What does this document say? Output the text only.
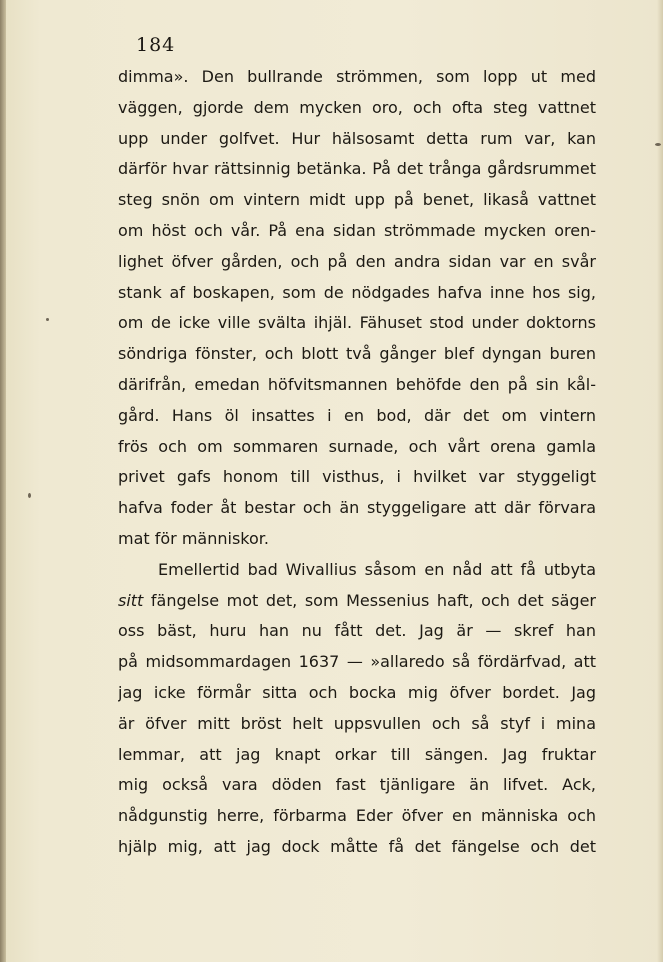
184
dimma». Den bullrande strömmen, som lopp ut med
väggen, gjorde dem mycken oro, och ofta steg vattnet
upp under golfvet. Hur hälsosamt detta rum var, kan
därför hvar rättsinnig betänka. På det trånga gårdsrummet
steg snön om vintern midt upp på benet, likaså vattnet
om höst och vår. På ena sidan strömmade mycken oren-
lighet öfver gården, och på den andra sidan var en svår
stank af boskapen, som de nödgades hafva inne hos sig,
om de icke ville svälta ihjäl. Fähuset stod under doktorns
söndriga fönster, och blott två gånger blef dyngan buren
därifrån, emedan höfvitsmannen behöfde den på sin kål-
gård. Hans öl insattes i en bod, där det om vintern
frös och om sommaren surnade, och vårt orena gamla
privet gafs honom till visthus, i hvilket var styggeligt
hafva foder åt bestar och än styggeligare att där förvara
mat för människor.
Emellertid bad Wivallius såsom en nåd att få utbyta
sitt fängelse mot det, som Messenius haft, och det säger
oss bäst, huru han nu fått det. Jag är — skref han
på midsommardagen 1637 — »allaredo så fördärfvad, att
jag icke förmår sitta och bocka mig öfver bordet. Jag
är öfver mitt bröst helt uppsvullen och så styf i mina
lemmar, att jag knapt orkar till sängen. Jag fruktar
mig också vara döden fast tjänligare än lifvet. Ack,
nådgunstig herre, förbarma Eder öfver en människa och
hjälp mig, att jag dock måtte få det fängelse och det
